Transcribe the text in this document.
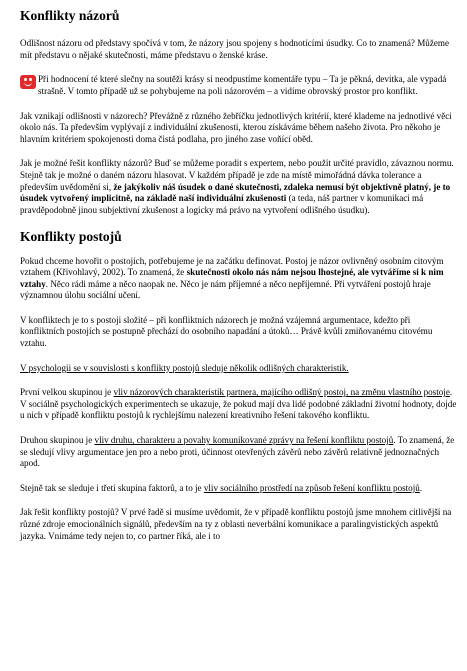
Konflikty názorů

Odlišnost názoru od představy spočívá v tom, že názory jsou spojeny s hodnotícími úsudky. Co to znamená? Můžeme mít představu o nějaké skutečnosti, máme představu o ženské kráse.

Při hodnocení té které slečny na soutěži krásy si neodpustíme komentáře typu – Ta je pěkná, devitka, ale vypadá strašně. V tomto případě už se pohybujeme na poli názorovém – a vidíme obrovský prostor pro konflikt.

Jak vznikají odlišnosti v názorech? Převážně z různého žebříčku jednotlivých kritérií, které klademe na jednotlivé věci okolo nás. Ta především vyplývají z individuální zkušenosti, kterou získáváme během našeho života. Pro někoho je hlavním kritériem spokojenosti doma čistá podlaha, pro jiného zase voňící oběd.

Jak je možné řešit konflikty názorů? Buď se můžeme poradit s expertem, nebo použít určité pravidlo, závaznou normu. Stejně tak je možné o daném názoru hlasovat. V každém případě je zde na místě mimořádná dávka tolerance a především uvědomění si, že jakýkoliv náš úsudek o dané skutečnosti, zdaleka nemusí být objektivně platný, je to úsudek vytvořený implicitně, na základě naší individuální zkušenosti (a teda, náš partner v komunikaci má pravděpodobně jinou subjektivní zkušenost a logicky má právo na vytvoření odlišného úsudku).

Konflikty postojů

Pokud chceme hovořit o postojích, potřebujeme je na začátku definovat. Postoj je názor ovlivněný osobním citovým vztahem (Křivohlavý, 2002). To znamená, že skutečnosti okolo nás nám nejsou lhostejné, ale vytváříme si k nim vztahy. Něco rádi máme a něco naopak ne. Něco je nám příjemné a něco nepříjemné. Při vytváření postojů hraje významnou úlohu sociální učení.

V konfliktech je to s postoji složité – při konfliktních názorech je možná vzájemná argumentace, kdežto při konfliktních postojích se postupně přechází do osobního napadání a útoků… Právě kvůli zmiňovanému citovému vztahu.

V psychologii se v souvislosti s konflikty postojů sleduje několik odlišných charakteristik.

První velkou skupinou je vliv názorových charakteristik partnera, majícího odlišný postoj, na změnu vlastního postoje. V sociálně psychologických experimentech se ukazuje, že pokud mají dva lidé podobné základní životní hodnoty, dojde u nich v případě konfliktu postojů k rychlejšímu nalezení kreativního řešení takového konfliktu.

Druhou skupinou je vliv druhu, charakteru a povahy komunikované zprávy na řešení konfliktu postojů. To znamená, že se sledují vlivy argumentace jen pro a nebo proti, účinnost otevřených závěrů nebo závěrů relativně jednoznačných apod.

Stejně tak se sleduje i třetí skupina faktorů, a to je vliv sociálního prostředí na způsob řešení konfliktu postojů.

Jak řešit konflikty postojů? V prvé řadě si musíme uvědomit, že v případě konfliktu postojů jsme mnohem citlivější na různé zdroje emocionálních signálů, především na ty z oblasti neverbální komunikace a paralingvistických aspektů jazyka. Vnímáme tedy nejen to, co partner říká, ale i to
